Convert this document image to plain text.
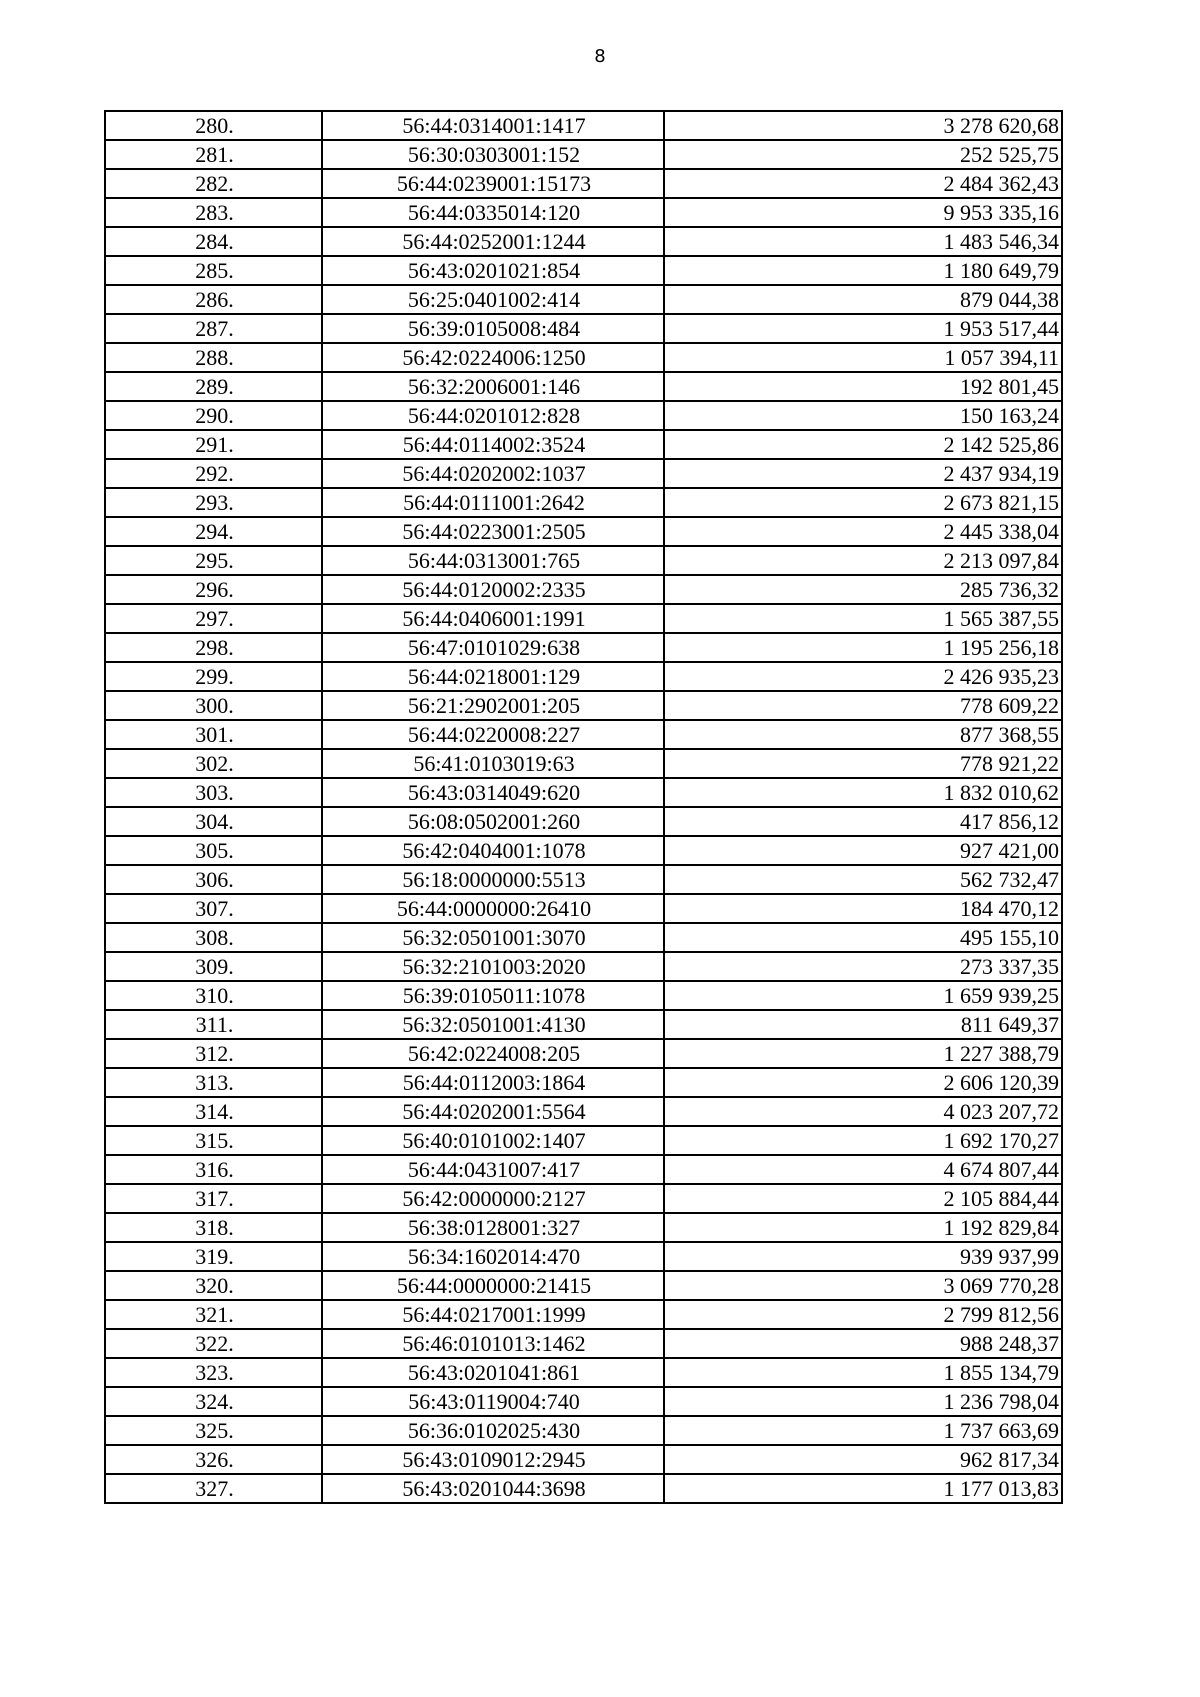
8
280.	56:44:0314001:1417	3 278 620,68
281.	56:30:0303001:152	252 525,75
282.	56:44:0239001:15173	2 484 362,43
283.	56:44:0335014:120	9 953 335,16
284.	56:44:0252001:1244	1 483 546,34
285.	56:43:0201021:854	1 180 649,79
286.	56:25:0401002:414	879 044,38
287.	56:39:0105008:484	1 953 517,44
288.	56:42:0224006:1250	1 057 394,11
289.	56:32:2006001:146	192 801,45
290.	56:44:0201012:828	150 163,24
291.	56:44:0114002:3524	2 142 525,86
292.	56:44:0202002:1037	2 437 934,19
293.	56:44:0111001:2642	2 673 821,15
294.	56:44:0223001:2505	2 445 338,04
295.	56:44:0313001:765	2 213 097,84
296.	56:44:0120002:2335	285 736,32
297.	56:44:0406001:1991	1 565 387,55
298.	56:47:0101029:638	1 195 256,18
299.	56:44:0218001:129	2 426 935,23
300.	56:21:2902001:205	778 609,22
301.	56:44:0220008:227	877 368,55
302.	56:41:0103019:63	778 921,22
303.	56:43:0314049:620	1 832 010,62
304.	56:08:0502001:260	417 856,12
305.	56:42:0404001:1078	927 421,00
306.	56:18:0000000:5513	562 732,47
307.	56:44:0000000:26410	184 470,12
308.	56:32:0501001:3070	495 155,10
309.	56:32:2101003:2020	273 337,35
310.	56:39:0105011:1078	1 659 939,25
311.	56:32:0501001:4130	811 649,37
312.	56:42:0224008:205	1 227 388,79
313.	56:44:0112003:1864	2 606 120,39
314.	56:44:0202001:5564	4 023 207,72
315.	56:40:0101002:1407	1 692 170,27
316.	56:44:0431007:417	4 674 807,44
317.	56:42:0000000:2127	2 105 884,44
318.	56:38:0128001:327	1 192 829,84
319.	56:34:1602014:470	939 937,99
320.	56:44:0000000:21415	3 069 770,28
321.	56:44:0217001:1999	2 799 812,56
322.	56:46:0101013:1462	988 248,37
323.	56:43:0201041:861	1 855 134,79
324.	56:43:0119004:740	1 236 798,04
325.	56:36:0102025:430	1 737 663,69
326.	56:43:0109012:2945	962 817,34
327.	56:43:0201044:3698	1 177 013,83
